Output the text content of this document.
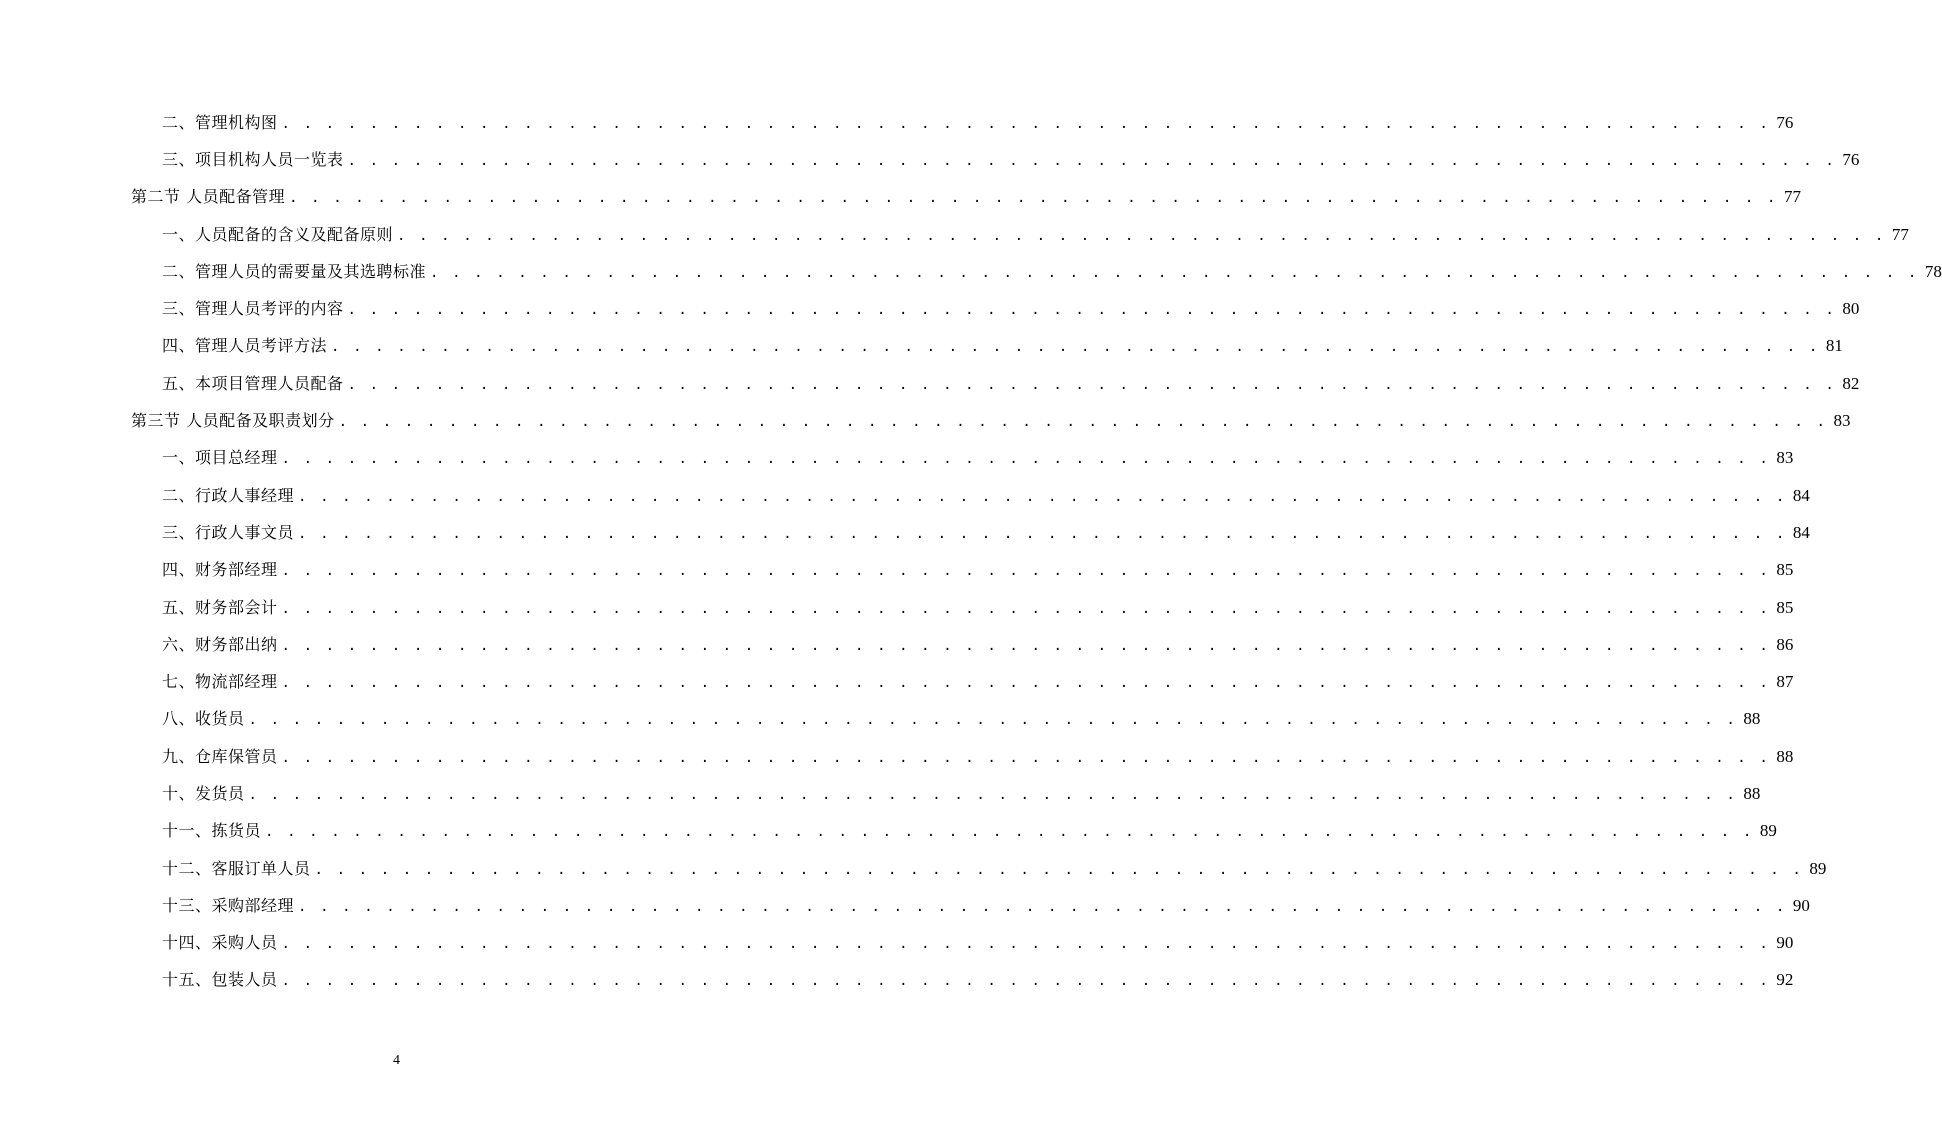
二、管理机构图 . . . . . . . . . . . . . . . . . . . . . . . . . . . . . . . . . . . . . . . . . . . . . . . . . . . . . . . . . . . . . . . . . . . . 76
三、项目机构人员一览表 . . . . . . . . . . . . . . . . . . . . . . . . . . . . . . . . . . . . . . . . . . . . . . . . . . . . . . . . . . . . . . . . . . . . 76
第二节 人员配备管理 . . . . . . . . . . . . . . . . . . . . . . . . . . . . . . . . . . . . . . . . . . . . . . . . . . . . . . . . . . . . . . . . . . . . 77
一、人员配备的含义及配备原则 . . . . . . . . . . . . . . . . . . . . . . . . . . . . . . . . . . . . . . . . . . . . . . . . . . . . . . . . . . . . . . . . . . . . 77
二、管理人员的需要量及其选聘标准 . . . . . . . . . . . . . . . . . . . . . . . . . . . . . . . . . . . . . . . . . . . . . . . . . . . . . . . . . . . . . . . . . . . . 78
三、管理人员考评的内容 . . . . . . . . . . . . . . . . . . . . . . . . . . . . . . . . . . . . . . . . . . . . . . . . . . . . . . . . . . . . . . . . . . . . 80
四、管理人员考评方法 . . . . . . . . . . . . . . . . . . . . . . . . . . . . . . . . . . . . . . . . . . . . . . . . . . . . . . . . . . . . . . . . . . . . 81
五、本项目管理人员配备 . . . . . . . . . . . . . . . . . . . . . . . . . . . . . . . . . . . . . . . . . . . . . . . . . . . . . . . . . . . . . . . . . . . . 82
第三节 人员配备及职责划分 . . . . . . . . . . . . . . . . . . . . . . . . . . . . . . . . . . . . . . . . . . . . . . . . . . . . . . . . . . . . . . . . . . . . 83
一、项目总经理 . . . . . . . . . . . . . . . . . . . . . . . . . . . . . . . . . . . . . . . . . . . . . . . . . . . . . . . . . . . . . . . . . . . . 83
二、行政人事经理 . . . . . . . . . . . . . . . . . . . . . . . . . . . . . . . . . . . . . . . . . . . . . . . . . . . . . . . . . . . . . . . . . . . . 84
三、行政人事文员 . . . . . . . . . . . . . . . . . . . . . . . . . . . . . . . . . . . . . . . . . . . . . . . . . . . . . . . . . . . . . . . . . . . . 84
四、财务部经理 . . . . . . . . . . . . . . . . . . . . . . . . . . . . . . . . . . . . . . . . . . . . . . . . . . . . . . . . . . . . . . . . . . . . 85
五、财务部会计 . . . . . . . . . . . . . . . . . . . . . . . . . . . . . . . . . . . . . . . . . . . . . . . . . . . . . . . . . . . . . . . . . . . . 85
六、财务部出纳 . . . . . . . . . . . . . . . . . . . . . . . . . . . . . . . . . . . . . . . . . . . . . . . . . . . . . . . . . . . . . . . . . . . . 86
七、物流部经理 . . . . . . . . . . . . . . . . . . . . . . . . . . . . . . . . . . . . . . . . . . . . . . . . . . . . . . . . . . . . . . . . . . . . 87
八、收货员 . . . . . . . . . . . . . . . . . . . . . . . . . . . . . . . . . . . . . . . . . . . . . . . . . . . . . . . . . . . . . . . . . . . . 88
九、仓库保管员 . . . . . . . . . . . . . . . . . . . . . . . . . . . . . . . . . . . . . . . . . . . . . . . . . . . . . . . . . . . . . . . . . . . . 88
十、发货员 . . . . . . . . . . . . . . . . . . . . . . . . . . . . . . . . . . . . . . . . . . . . . . . . . . . . . . . . . . . . . . . . . . . . 88
十一、拣货员 . . . . . . . . . . . . . . . . . . . . . . . . . . . . . . . . . . . . . . . . . . . . . . . . . . . . . . . . . . . . . . . . . . . . 89
十二、客服订单人员 . . . . . . . . . . . . . . . . . . . . . . . . . . . . . . . . . . . . . . . . . . . . . . . . . . . . . . . . . . . . . . . . . . . . 89
十三、采购部经理 . . . . . . . . . . . . . . . . . . . . . . . . . . . . . . . . . . . . . . . . . . . . . . . . . . . . . . . . . . . . . . . . . . . . 90
十四、采购人员 . . . . . . . . . . . . . . . . . . . . . . . . . . . . . . . . . . . . . . . . . . . . . . . . . . . . . . . . . . . . . . . . . . . . 90
十五、包装人员 . . . . . . . . . . . . . . . . . . . . . . . . . . . . . . . . . . . . . . . . . . . . . . . . . . . . . . . . . . . . . . . . . . . . 92
4
